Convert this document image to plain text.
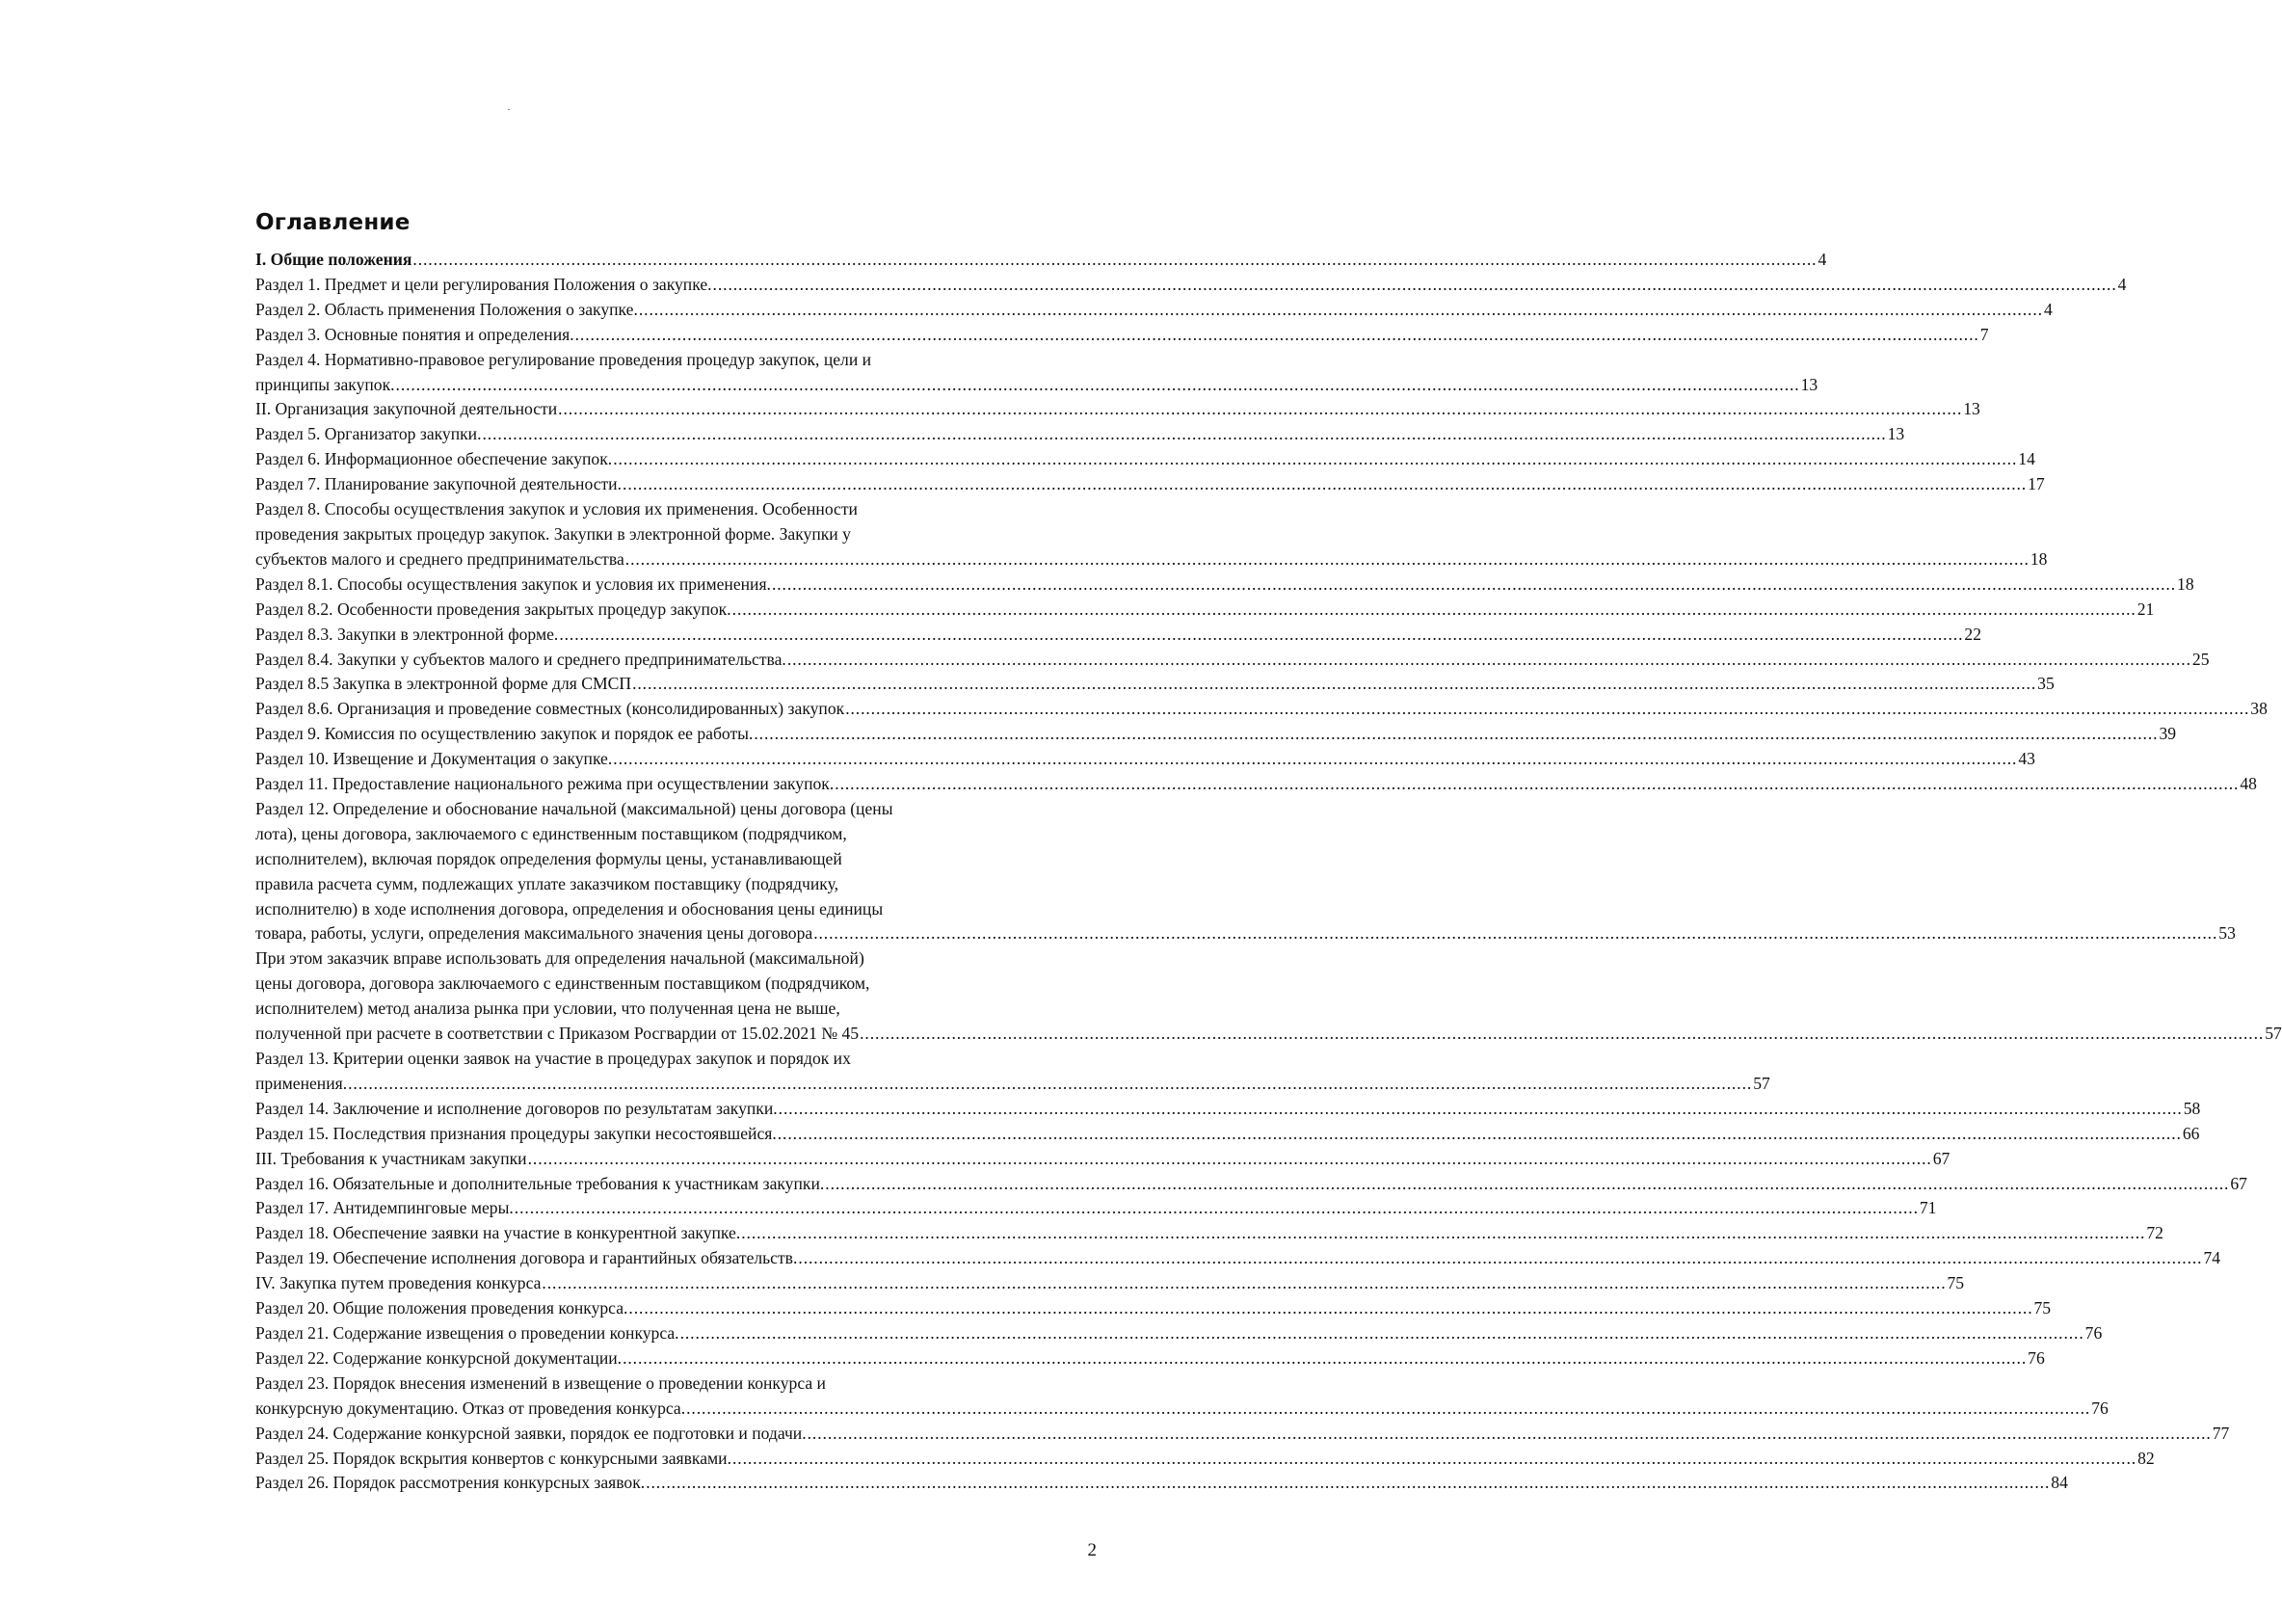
Оглавление
I. Общие положения .....	4
Раздел 1. Предмет и цели регулирования Положения о закупке. .....	4
Раздел 2. Область применения Положения о закупке. .....	4
Раздел 3. Основные понятия и определения. .....	7
Раздел 4. Нормативно-правовое регулирование проведения процедур закупок, цели и
принципы закупок. .....	13
II. Организация закупочной деятельности .....	13
Раздел 5. Организатор закупки. .....	13
Раздел 6. Информационное обеспечение закупок. .....	14
Раздел 7. Планирование закупочной деятельности. .....	17
Раздел 8. Способы осуществления закупок и условия их применения. Особенности
проведения закрытых процедур закупок. Закупки в электронной форме. Закупки у
субъектов малого и среднего предпринимательства .....	18
Раздел 8.1. Способы осуществления закупок и условия их применения. .....	18
Раздел 8.2. Особенности проведения закрытых процедур закупок. .....	21
Раздел 8.3. Закупки в электронной форме. .....	22
Раздел 8.4. Закупки у субъектов малого и среднего предпринимательства. .....	25
Раздел 8.5 Закупка в электронной форме для СМСП .....	35
Раздел 8.6. Организация и проведение совместных (консолидированных) закупок .....	38
Раздел 9. Комиссия по осуществлению закупок и порядок ее работы. .....	39
Раздел 10. Извещение и Документация о закупке. .....	43
Раздел 11. Предоставление национального режима при осуществлении закупок. .....	48
Раздел 12. Определение и обоснование начальной (максимальной) цены договора (цены
лота), цены договора, заключаемого с единственным поставщиком (подрядчиком,
исполнителем), включая порядок определения формулы цены, устанавливающей
правила расчета сумм, подлежащих уплате заказчиком поставщику (подрядчику,
исполнителю) в ходе исполнения договора, определения и обоснования цены единицы
товара, работы, услуги, определения максимального значения цены договора .....	53
При этом заказчик вправе использовать для определения начальной (максимальной)
цены договора, договора заключаемого с единственным поставщиком (подрядчиком,
исполнителем) метод анализа рынка при условии, что полученная цена не выше,
полученной при расчете в соответствии с Приказом Росгвардии от 15.02.2021 № 45 .....	57
Раздел 13. Критерии оценки заявок на участие в процедурах закупок и порядок их
применения. .....	57
Раздел 14. Заключение и исполнение договоров по результатам закупки. .....	58
Раздел 15. Последствия признания процедуры закупки несостоявшейся. .....	66
III. Требования к участникам закупки .....	67
Раздел 16. Обязательные и дополнительные требования к участникам закупки. .....	67
Раздел 17. Антидемпинговые меры. .....	71
Раздел 18. Обеспечение заявки на участие в конкурентной закупке. .....	72
Раздел 19. Обеспечение исполнения договора и гарантийных обязательств. .....	74
IV. Закупка путем проведения конкурса .....	75
Раздел 20. Общие положения проведения конкурса. .....	75
Раздел 21. Содержание извещения о проведении конкурса. .....	76
Раздел 22. Содержание конкурсной документации. .....	76
Раздел 23. Порядок внесения изменений в извещение о проведении конкурса и
конкурсную документацию. Отказ от проведения конкурса. .....	76
Раздел 24. Содержание конкурсной заявки, порядок ее подготовки и подачи. .....	77
Раздел 25. Порядок вскрытия конвертов с конкурсными заявками. .....	82
Раздел 26. Порядок рассмотрения конкурсных заявок. .....	84
2
